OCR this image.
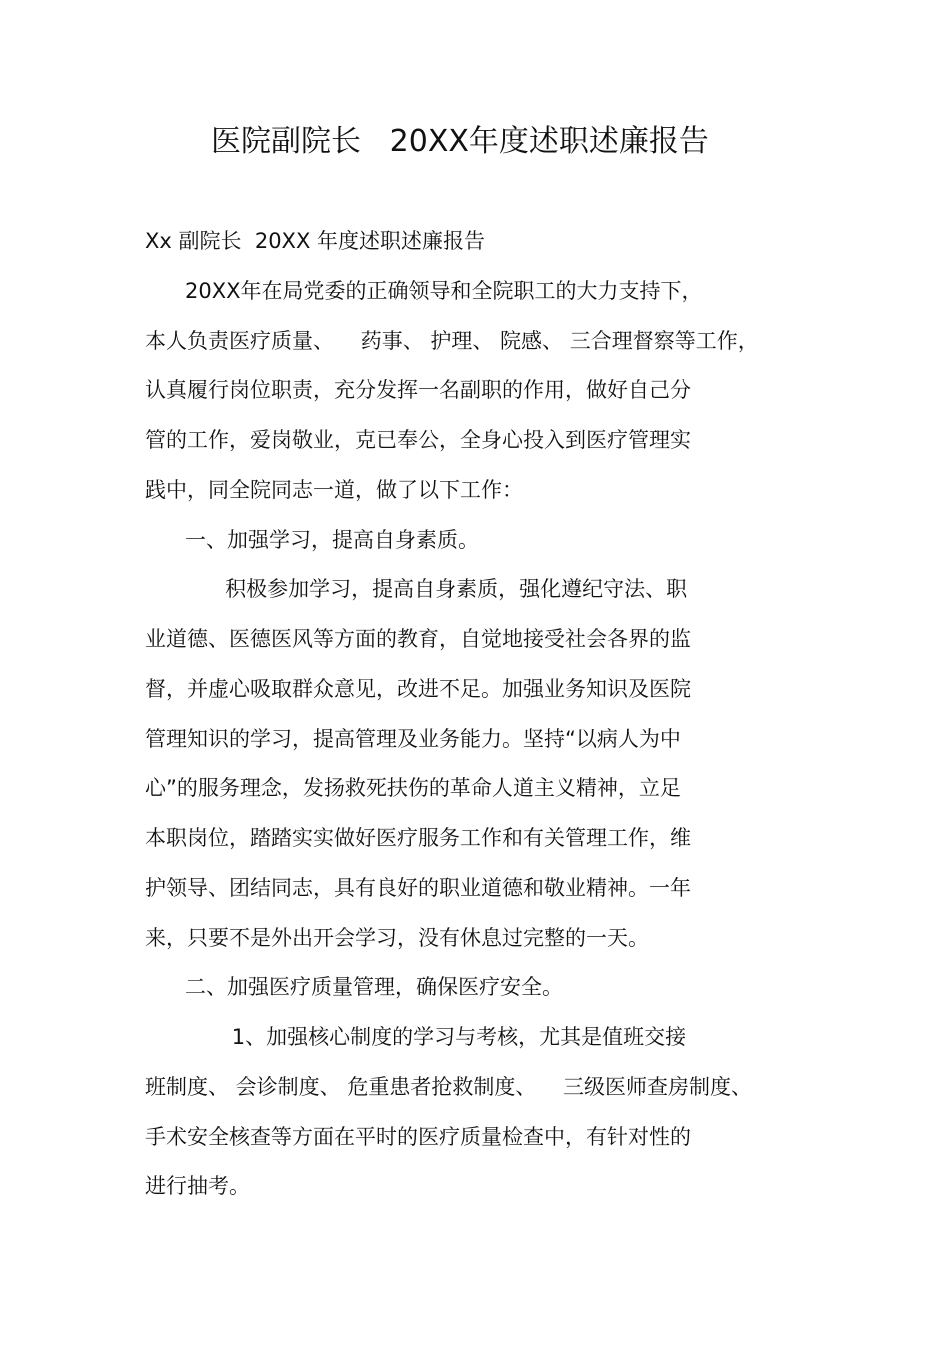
医院副院长   20XX年度述职述廉报告
Xx 副院长  20XX 年度述职述廉报告
20XX年在局党委的正确领导和全院职工的大力支持下，
本人负责医疗质量、    药事、 护理、 院感、 三合理督察等工作，
认真履行岗位职责，充分发挥一名副职的作用，做好自己分
管的工作，爱岗敬业，克已奉公，全身心投入到医疗管理实
践中，同全院同志一道，做了以下工作：
一、加强学习，提高自身素质。
积极参加学习，提高自身素质，强化遵纪守法、职
业道德、医德医风等方面的教育，自觉地接受社会各界的监
督，并虚心吸取群众意见，改进不足。加强业务知识及医院
管理知识的学习，提高管理及业务能力。坚持“以病人为中
心”的服务理念，发扬救死扶伤的革命人道主义精神，立足
本职岗位，踏踏实实做好医疗服务工作和有关管理工作，维
护领导、团结同志，具有良好的职业道德和敬业精神。一年
来，只要不是外出开会学习，没有休息过完整的一天。
二、加强医疗质量管理，确保医疗安全。
1、加强核心制度的学习与考核，尤其是值班交接
班制度、 会诊制度、 危重患者抢救制度、    三级医师查房制度、
手术安全核查等方面在平时的医疗质量检查中，有针对性的
进行抽考。
